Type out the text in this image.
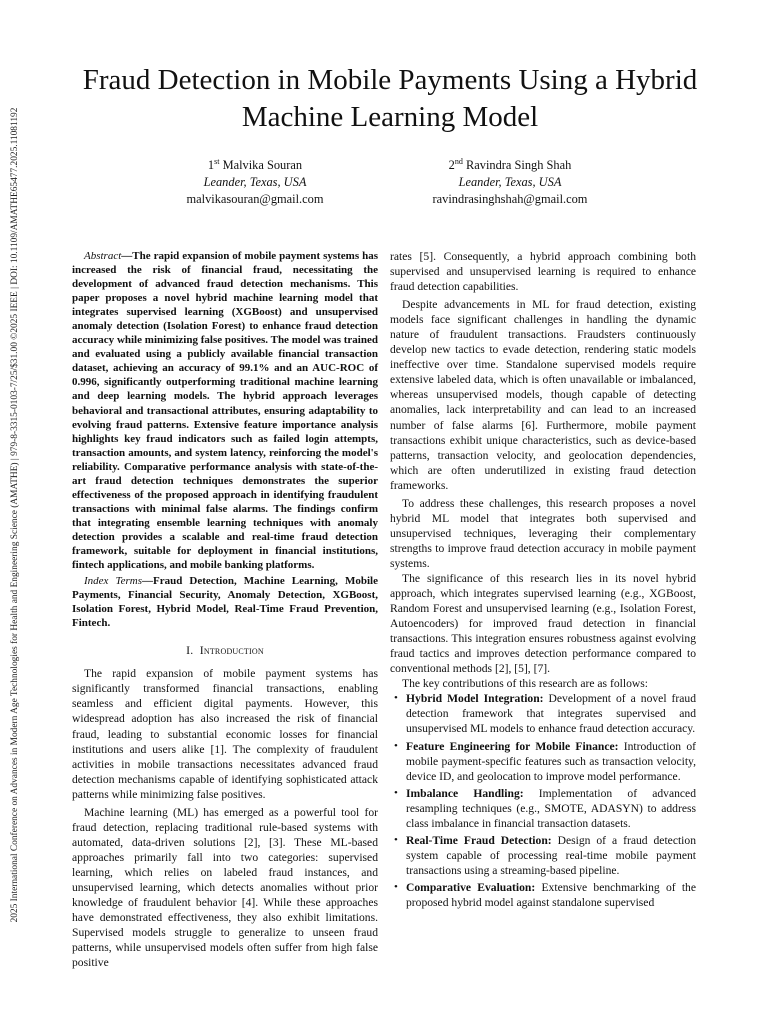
2025 International Conference on Advances in Modern Age Technologies for Health and Engineering Science (AMATHE) | 979-8-3315-0103-7/25/$31.00 ©2025 IEEE | DOI: 10.1109/AMATHE65477.2025.11081192
Fraud Detection in Mobile Payments Using a Hybrid Machine Learning Model
1st Malvika Souran
Leander, Texas, USA
malvikasouran@gmail.com
2nd Ravindra Singh Shah
Leander, Texas, USA
ravindrasinghshah@gmail.com

Abstract—The rapid expansion of mobile payment systems has increased the risk of financial fraud, necessitating the development of advanced fraud detection mechanisms. This paper proposes a novel hybrid machine learning model that integrates supervised learning (XGBoost) and unsupervised anomaly detection (Isolation Forest) to enhance fraud detection accuracy while minimizing false positives. The model was trained and evaluated using a publicly available financial transaction dataset, achieving an accuracy of 99.1% and an AUC-ROC of 0.996, significantly outperforming traditional machine learning and deep learning models. The hybrid approach leverages behavioral and transactional attributes, ensuring adaptability to evolving fraud patterns. Extensive feature importance analysis highlights key fraud indicators such as failed login attempts, transaction amounts, and system latency, reinforcing the model's reliability. Comparative performance analysis with state-of-the-art fraud detection techniques demonstrates the superior effectiveness of the proposed approach in identifying fraudulent transactions with minimal false alarms. The findings confirm that integrating ensemble learning techniques with anomaly detection provides a scalable and real-time fraud detection framework, suitable for deployment in financial institutions, fintech applications, and mobile banking platforms.

Index Terms—Fraud Detection, Machine Learning, Mobile Payments, Financial Security, Anomaly Detection, XGBoost, Isolation Forest, Hybrid Model, Real-Time Fraud Prevention, Fintech.

I. Introduction

The rapid expansion of mobile payment systems has significantly transformed financial transactions, enabling seamless and efficient digital payments. However, this widespread adoption has also increased the risk of financial fraud, leading to substantial economic losses for financial institutions and users alike [1]. The complexity of fraudulent activities in mobile transactions necessitates advanced fraud detection mechanisms capable of identifying sophisticated attack patterns while minimizing false positives.

Machine learning (ML) has emerged as a powerful tool for fraud detection, replacing traditional rule-based systems with automated, data-driven solutions [2], [3]. These ML-based approaches primarily fall into two categories: supervised learning, which relies on labeled fraud instances, and unsupervised learning, which detects anomalies without prior knowledge of fraudulent behavior [4]. While these approaches have demonstrated effectiveness, they also exhibit limitations. Supervised models struggle to generalize to unseen fraud patterns, while unsupervised models often suffer from high false positive

rates [5]. Consequently, a hybrid approach combining both supervised and unsupervised learning is required to enhance fraud detection capabilities.

Despite advancements in ML for fraud detection, existing models face significant challenges in handling the dynamic nature of fraudulent transactions. Fraudsters continuously develop new tactics to evade detection, rendering static models ineffective over time. Standalone supervised models require extensive labeled data, which is often unavailable or imbalanced, whereas unsupervised models, though capable of detecting anomalies, lack interpretability and can lead to an increased number of false alarms [6]. Furthermore, mobile payment transactions exhibit unique characteristics, such as device-based patterns, transaction velocity, and geolocation dependencies, which are often underutilized in existing fraud detection frameworks.

To address these challenges, this research proposes a novel hybrid ML model that integrates both supervised and unsupervised techniques, leveraging their complementary strengths to improve fraud detection accuracy in mobile payment systems.

The significance of this research lies in its novel hybrid approach, which integrates supervised learning (e.g., XGBoost, Random Forest and unsupervised learning (e.g., Isolation Forest, Autoencoders) for improved fraud detection in financial transactions. This integration ensures robustness against evolving fraud tactics and improves detection performance compared to conventional methods [2], [5], [7].

The key contributions of this research are as follows:

• Hybrid Model Integration: Development of a novel fraud detection framework that integrates supervised and unsupervised ML models to enhance fraud detection accuracy.
• Feature Engineering for Mobile Finance: Introduction of mobile payment-specific features such as transaction velocity, device ID, and geolocation to improve model performance.
• Imbalance Handling: Implementation of advanced resampling techniques (e.g., SMOTE, ADASYN) to address class imbalance in financial transaction datasets.
• Real-Time Fraud Detection: Design of a fraud detection system capable of processing real-time mobile payment transactions using a streaming-based pipeline.
• Comparative Evaluation: Extensive benchmarking of the proposed hybrid model against standalone supervised
